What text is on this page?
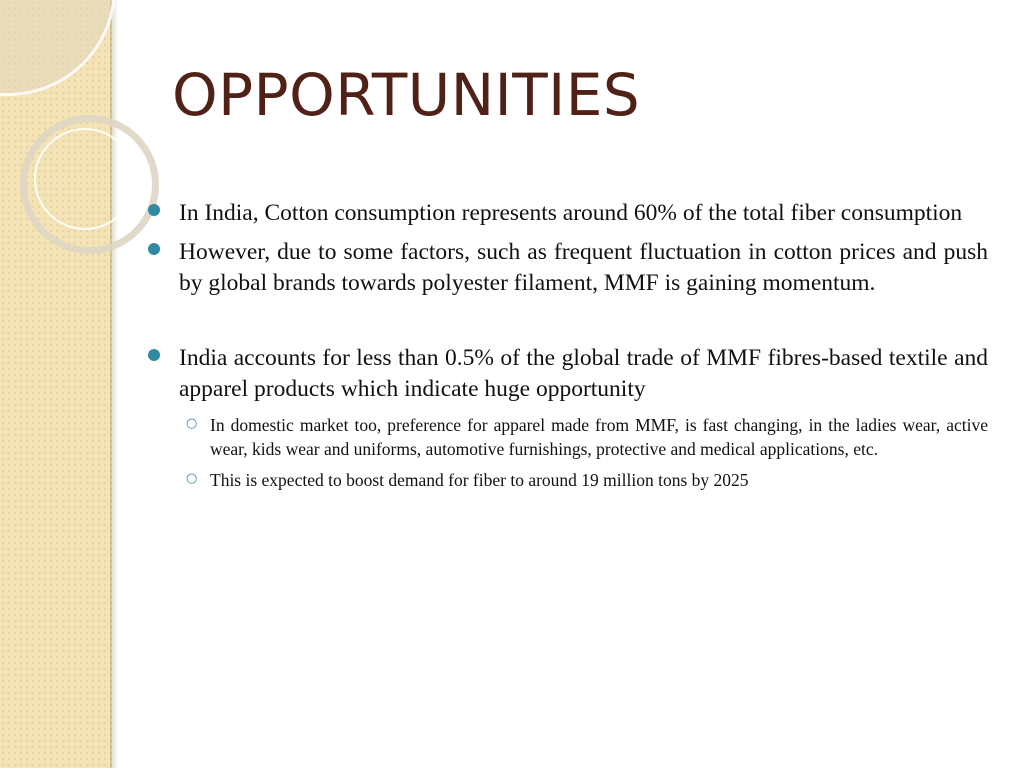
OPPORTUNITIES
In India, Cotton consumption represents around 60% of the total fiber consumption
However, due to some factors, such as frequent fluctuation in cotton prices and push by global brands towards polyester filament, MMF is gaining momentum.
India accounts for less than 0.5% of the global trade of MMF fibres-based textile and apparel products which indicate huge opportunity
○ In domestic market too, preference for apparel made from MMF, is fast changing, in the ladies wear, active wear, kids wear and uniforms, automotive furnishings, protective and medical applications, etc.
○ This is expected to boost demand for fiber to around 19 million tons by 2025
